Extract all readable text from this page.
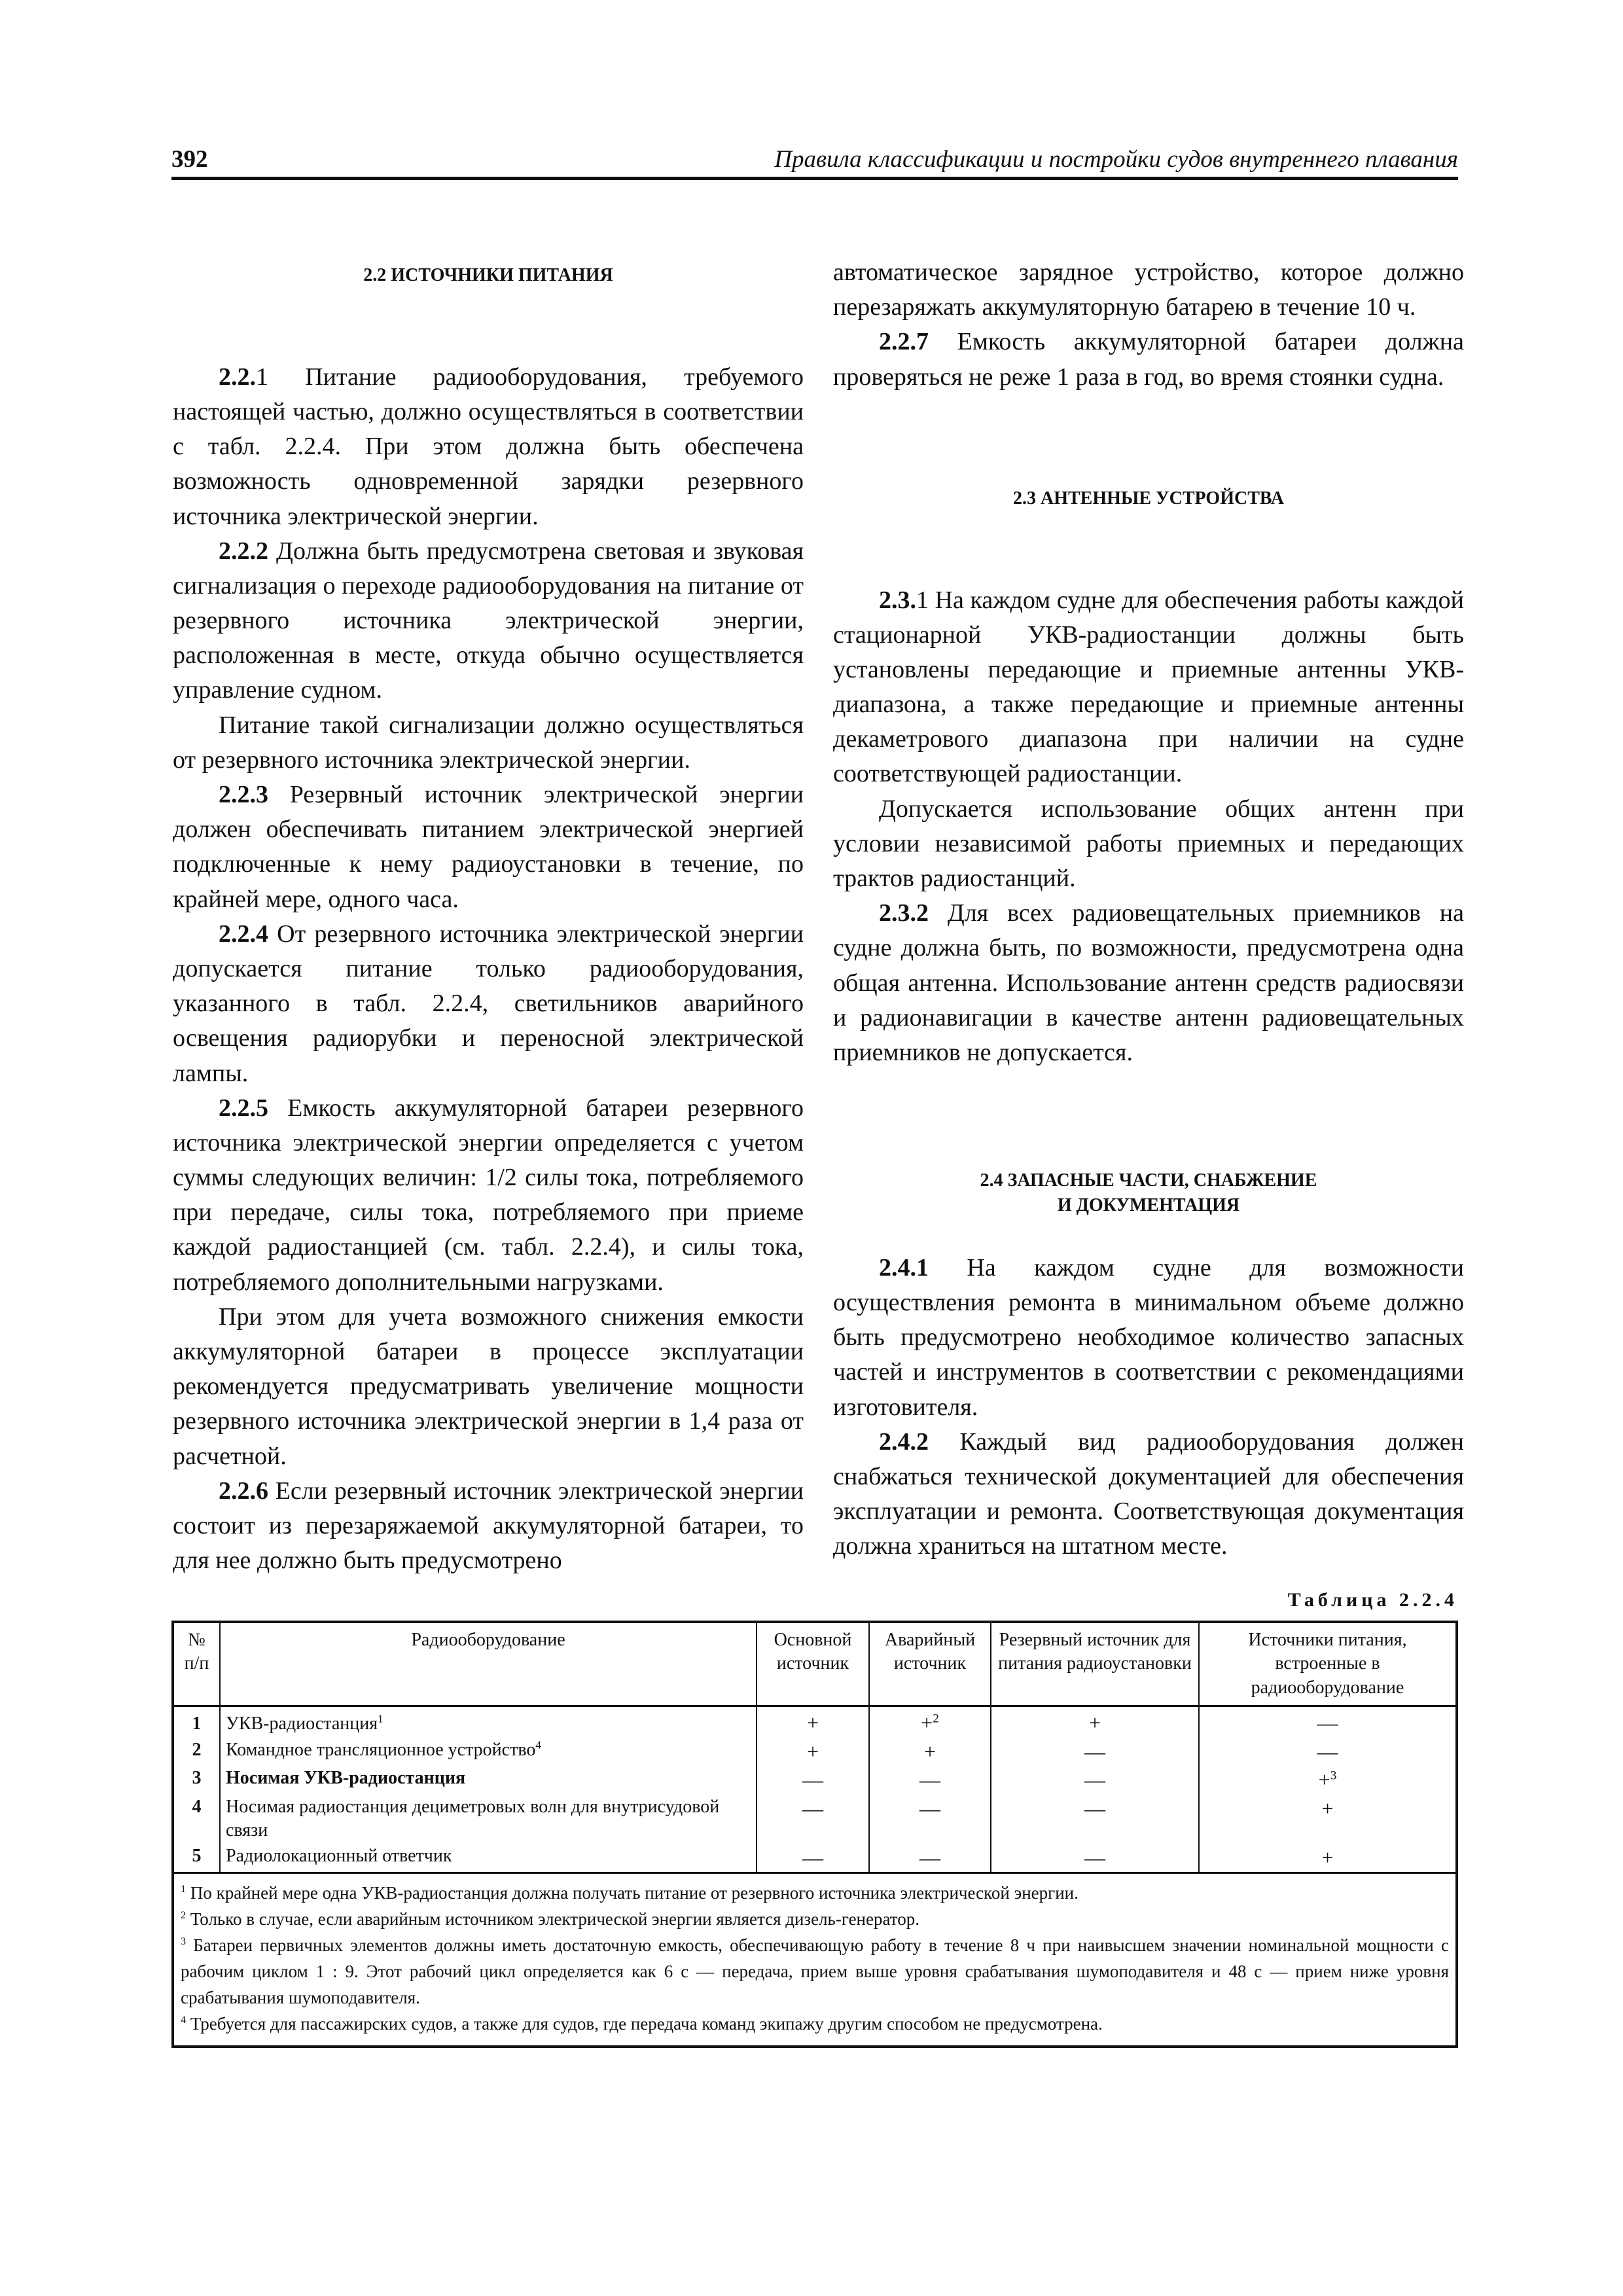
392	Правила классификации и постройки судов внутреннего плавания
2.2 ИСТОЧНИКИ ПИТАНИЯ

2.2.1 Питание радиооборудования, требуемого настоящей частью, должно осуществляться в соответствии с табл. 2.2.4. При этом должна быть обеспечена возможность одновременной зарядки резервного источника электрической энергии.

2.2.2 Должна быть предусмотрена световая и звуковая сигнализация о переходе радиооборудования на питание от резервного источника электрической энергии, расположенная в месте, откуда обычно осуществляется управление судном.

Питание такой сигнализации должно осуществляться от резервного источника электрической энергии.

2.2.3 Резервный источник электрической энергии должен обеспечивать питанием электрической энергией подключенные к нему радиоустановки в течение, по крайней мере, одного часа.

2.2.4 От резервного источника электрической энергии допускается питание только радиооборудования, указанного в табл. 2.2.4, светильников аварийного освещения радиорубки и переносной электрической лампы.

2.2.5 Емкость аккумуляторной батареи резервного источника электрической энергии определяется с учетом суммы следующих величин: 1/2 силы тока, потребляемого при передаче, силы тока, потребляемого при приеме каждой радиостанцией (см. табл. 2.2.4), и силы тока, потребляемого дополнительными нагрузками.

При этом для учета возможного снижения емкости аккумуляторной батареи в процессе эксплуатации рекомендуется предусматривать увеличение мощности резервного источника электрической энергии в 1,4 раза от расчетной.

2.2.6 Если резервный источник электрической энергии состоит из перезаряжаемой аккумуляторной батареи, то для нее должно быть предусмотрено

автоматическое зарядное устройство, которое должно перезаряжать аккумуляторную батарею в течение 10 ч.

2.2.7 Емкость аккумуляторной батареи должна проверяться не реже 1 раза в год, во время стоянки судна.

2.3 АНТЕННЫЕ УСТРОЙСТВА

2.3.1 На каждом судне для обеспечения работы каждой стационарной УКВ-радиостанции должны быть установлены передающие и приемные антенны УКВ-диапазона, а также передающие и приемные антенны декаметрового диапазона при наличии на судне соответствующей радиостанции.

Допускается использование общих антенн при условии независимой работы приемных и передающих трактов радиостанций.

2.3.2 Для всех радиовещательных приемников на судне должна быть, по возможности, предусмотрена одна общая антенна. Использование антенн средств радиосвязи и радионавигации в качестве антенн радиовещательных приемников не допускается.

2.4 ЗАПАСНЫЕ ЧАСТИ, СНАБЖЕНИЕ
И ДОКУМЕНТАЦИЯ

2.4.1 На каждом судне для возможности осуществления ремонта в минимальном объеме должно быть предусмотрено необходимое количество запасных частей и инструментов в соответствии с рекомендациями изготовителя.

2.4.2 Каждый вид радиооборудования должен снабжаться технической документацией для обеспечения эксплуатации и ремонта. Соответствующая документация должна храниться на штатном месте.

Таблица 2.2.4
№ п/п	Радиооборудование	Основной источник	Аварийный источник	Резервный источник для питания радиоустановки	Источники питания, встроенные в радиооборудование
1	УКВ-радиостанция$^1$	+	+$^2$	+	—
2	Командное трансляционное устройство$^4$	+	+	—	—
3	Носимая УКВ-радиостанция	—	—	—	+$^3$
4	Носимая радиостанция дециметровых волн для внутрисудовой связи	—	—	—	+
5	Радиолокационный ответчик	—	—	—	+
$^1$ По крайней мере одна УКВ-радиостанция должна получать питание от резервного источника электрической энергии.
$^2$ Только в случае, если аварийным источником электрической энергии является дизель-генератор.
$^3$ Батареи первичных элементов должны иметь достаточную емкость, обеспечивающую работу в течение 8 ч при наивысшем значении номинальной мощности с рабочим циклом 1 : 9. Этот рабочий цикл определяется как 6 с — передача, прием выше уровня срабатывания шумоподавителя и 48 с — прием ниже уровня срабатывания шумоподавителя.
$^4$ Требуется для пассажирских судов, а также для судов, где передача команд экипажу другим способом не предусмотрена.
